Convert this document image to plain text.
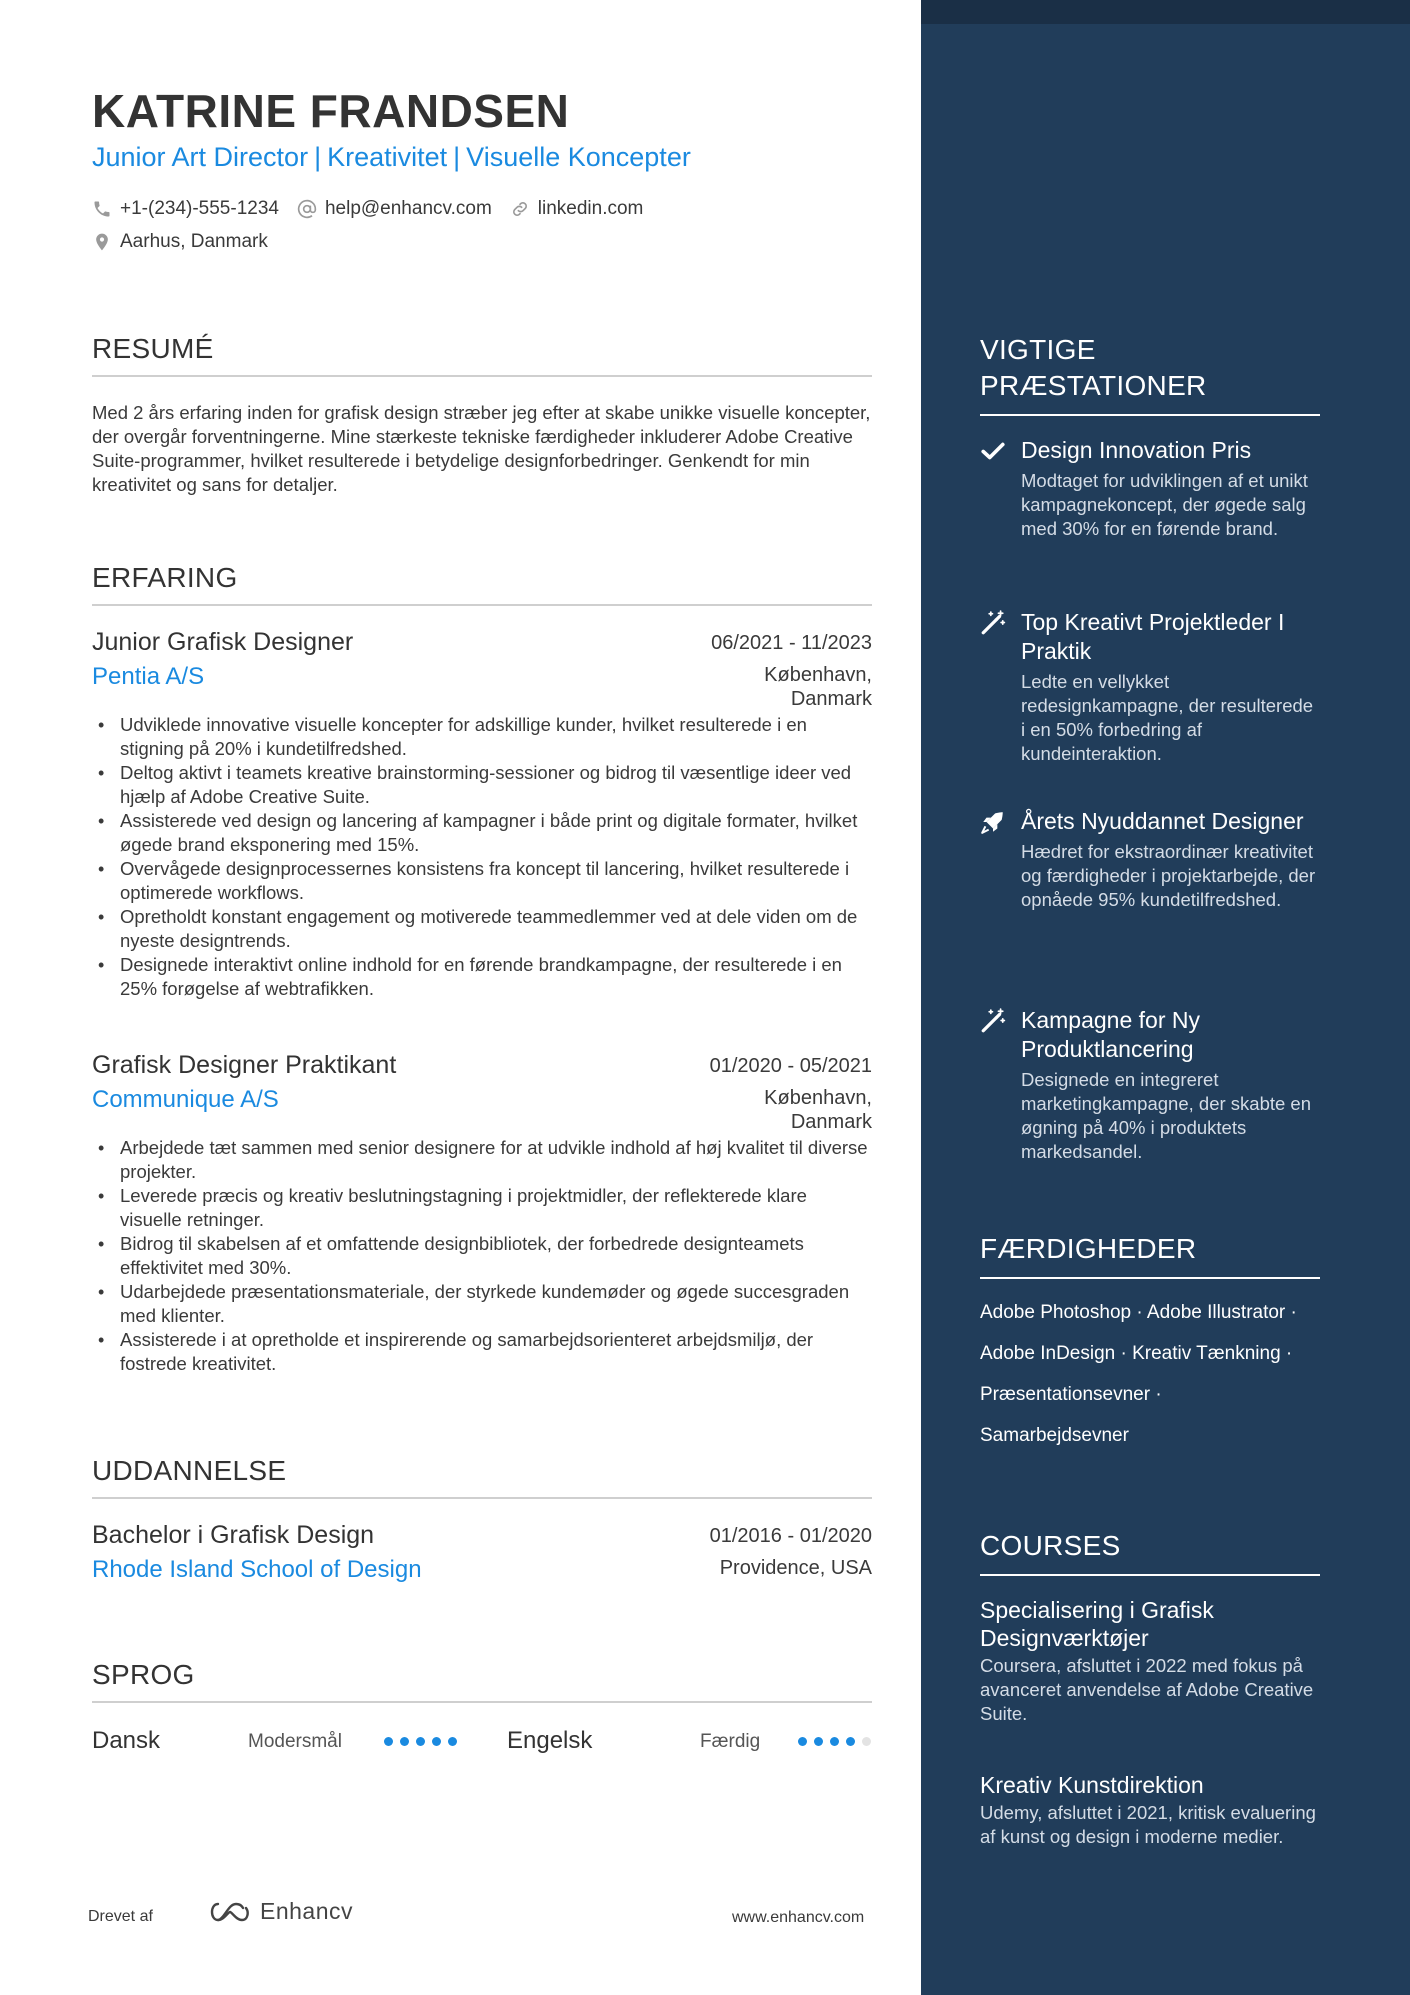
KATRINE FRANDSEN
Junior Art Director | Kreativitet | Visuelle Koncepter
+1-(234)-555-1234 help@enhancv.com linkedin.com
Aarhus, Danmark
RESUMÉ
Med 2 års erfaring inden for grafisk design stræber jeg efter at skabe unikke visuelle koncepter, der overgår forventningerne. Mine stærkeste tekniske færdigheder inkluderer Adobe Creative Suite-programmer, hvilket resulterede i betydelige designforbedringer. Genkendt for min kreativitet og sans for detaljer.
ERFARING
Junior Grafisk Designer	06/2021 - 11/2023
Pentia A/S	København,
Danmark
• Udviklede innovative visuelle koncepter for adskillige kunder, hvilket resulterede i en stigning på 20% i kundetilfredshed.
• Deltog aktivt i teamets kreative brainstorming-sessioner og bidrog til væsentlige ideer ved hjælp af Adobe Creative Suite.
• Assisterede ved design og lancering af kampagner i både print og digitale formater, hvilket øgede brand eksponering med 15%.
• Overvågede designprocessernes konsistens fra koncept til lancering, hvilket resulterede i optimerede workflows.
• Opretholdt konstant engagement og motiverede teammedlemmer ved at dele viden om de nyeste designtrends.
• Designede interaktivt online indhold for en førende brandkampagne, der resulterede i en 25% forøgelse af webtrafikken.
Grafisk Designer Praktikant	01/2020 - 05/2021
Communique A/S	København,
Danmark
• Arbejdede tæt sammen med senior designere for at udvikle indhold af høj kvalitet til diverse projekter.
• Leverede præcis og kreativ beslutningstagning i projektmidler, der reflekterede klare visuelle retninger.
• Bidrog til skabelsen af et omfattende designbibliotek, der forbedrede designteamets effektivitet med 30%.
• Udarbejdede præsentationsmateriale, der styrkede kundemøder og øgede succesgraden med klienter.
• Assisterede i at opretholde et inspirerende og samarbejdsorienteret arbejdsmiljø, der fostrede kreativitet.
UDDANNELSE
Bachelor i Grafisk Design	01/2016 - 01/2020
Rhode Island School of Design	Providence, USA
SPROG
Dansk	Modersmål	Engelsk	Færdig
Drevet af	Enhancv	www.enhancv.com
VIGTIGE
PRÆSTATIONER
Design Innovation Pris
Modtaget for udviklingen af et unikt kampagnekoncept, der øgede salg med 30% for en førende brand.
Top Kreativt Projektleder I Praktik
Ledte en vellykket redesignkampagne, der resulterede i en 50% forbedring af kundeinteraktion.
Årets Nyuddannet Designer
Hædret for ekstraordinær kreativitet og færdigheder i projektarbejde, der opnåede 95% kundetilfredshed.
Kampagne for Ny Produktlancering
Designede en integreret marketingkampagne, der skabte en øgning på 40% i produktets markedsandel.
FÆRDIGHEDER
Adobe Photoshop · Adobe Illustrator ·
Adobe InDesign · Kreativ Tænkning ·
Præsentationsevner ·
Samarbejdsevner
COURSES
Specialisering i Grafisk Designværktøjer
Coursera, afsluttet i 2022 med fokus på avanceret anvendelse af Adobe Creative Suite.
Kreativ Kunstdirektion
Udemy, afsluttet i 2021, kritisk evaluering af kunst og design i moderne medier.
